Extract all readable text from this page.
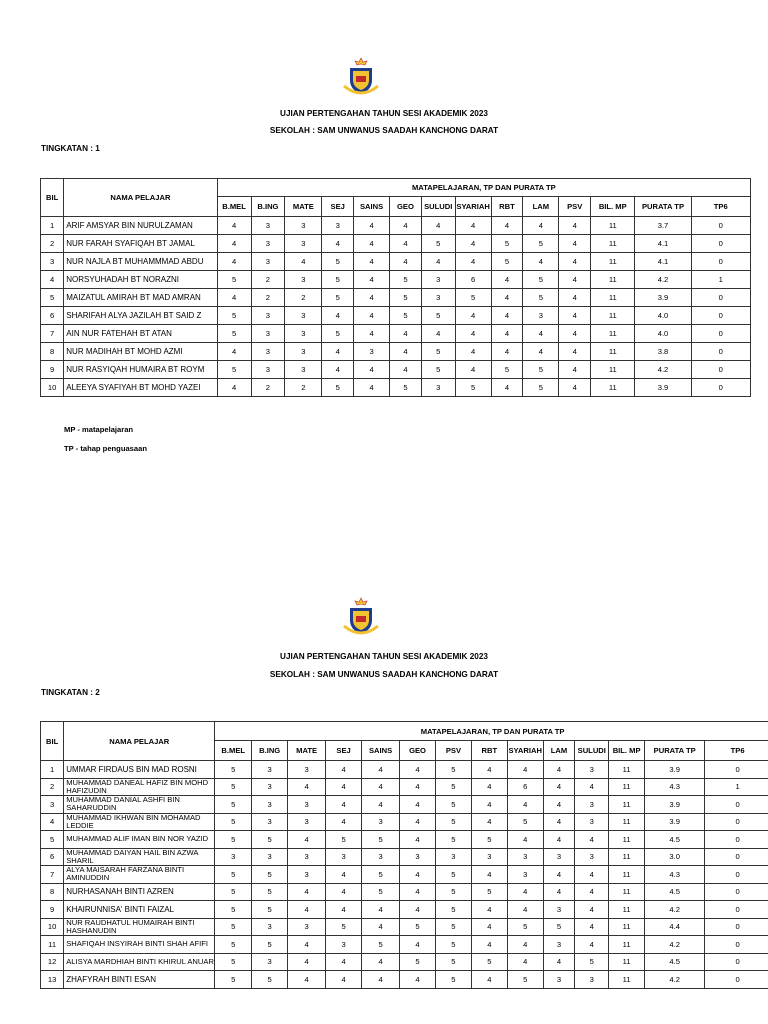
UJIAN PERTENGAHAN TAHUN SESI AKADEMIK 2023
SEKOLAH : SAM UNWANUS SAADAH KANCHONG DARAT
TINGKATAN : 1
BIL	NAMA PELAJAR	MATAPELAJARAN, TP DAN PURATA TP													
		B.MEL	B.ING	MATE	SEJ	SAINS	GEO	SULUDI	SYARIAH	RBT	LAM	PSV	BIL. MP	PURATA TP	TP6
1	ARIF AMSYAR BIN NURULZAMAN	4	3	3	3	4	4	4	4	4	4	4	11	3.7	0
2	NUR FARAH SYAFIQAH BT JAMAL	4	3	3	4	4	4	5	4	5	5	4	11	4.1	0
3	NUR NAJLA BT MUHAMMMAD ABDU	4	3	4	5	4	4	4	4	5	4	4	11	4.1	0
4	NORSYUHADAH BT NORAZNI	5	2	3	5	4	5	3	6	4	5	4	11	4.2	1
5	MAIZATUL AMIRAH BT MAD AMRAN	4	2	2	5	4	5	3	5	4	5	4	11	3.9	0
6	SHARIFAH ALYA JAZILAH BT SAID Z	5	3	3	4	4	5	5	4	4	3	4	11	4.0	0
7	AIN NUR FATEHAH BT ATAN	5	3	3	5	4	4	4	4	4	4	4	11	4.0	0
8	NUR MADIHAH BT MOHD AZMI	4	3	3	4	3	4	5	4	4	4	4	11	3.8	0
9	NUR RASYIQAH HUMAIRA BT ROYM	5	3	3	4	4	4	5	4	5	5	4	11	4.2	0
10	ALEEYA SYAFIYAH BT MOHD YAZEI	4	2	2	5	4	5	3	5	4	5	4	11	3.9	0
MP - matapelajaran
TP - tahap penguasaan
UJIAN PERTENGAHAN TAHUN SESI AKADEMIK 2023
SEKOLAH : SAM UNWANUS SAADAH KANCHONG DARAT
TINGKATAN : 2
BIL	NAMA PELAJAR	MATAPELAJARAN, TP DAN PURATA TP													
		B.MEL	B.ING	MATE	SEJ	SAINS	GEO	PSV	RBT	SYARIAH	LAM	SULUDI	BIL. MP	PURATA TP	TP6
1	UMMAR FIRDAUS BIN MAD ROSNI	5	3	3	4	4	4	5	4	4	4	3	11	3.9	0
2	MUHAMMAD DANEAL HAFIZ BIN MOHD HAFIZUDIN	5	3	4	4	4	4	5	4	6	4	4	11	4.3	1
3	MUHAMMAD DANIAL ASHFI BIN SAHARUDDIN	5	3	3	4	4	4	5	4	4	4	3	11	3.9	0
4	MUHAMMAD IKHWAN BIN MOHAMAD LEDDIE	5	3	3	4	3	4	5	4	5	4	3	11	3.9	0
5	MUHAMMAD ALIF IMAN BIN NOR YAZID	5	5	4	5	5	4	5	5	4	4	4	11	4.5	0
6	MUHAMMAD DAIYAN HAIL BIN AZWA SHARIL	3	3	3	3	3	3	3	3	3	3	3	11	3.0	0
7	ALYA MAISARAH FARZANA BINTI AMINUDDIN	5	5	3	4	5	4	5	4	3	4	4	11	4.3	0
8	NURHASANAH BINTI AZREN	5	5	4	4	5	4	5	5	4	4	4	11	4.5	0
9	KHAIRUNNISA' BINTI FAIZAL	5	5	4	4	4	4	5	4	4	3	4	11	4.2	0
10	NUR RAUDHATUL HUMAIRAH BINTI HASHANUDIN	5	3	3	5	4	5	5	4	5	5	4	11	4.4	0
11	SHAFIQAH INSYIRAH BINTI SHAH AFIFI	5	5	4	3	5	4	5	4	4	3	4	11	4.2	0
12	ALISYA MARDHIAH BINTI KHIRUL ANUAR	5	3	4	4	4	5	5	5	4	4	5	11	4.5	0
13	ZHAFYRAH BINTI ESAN	5	5	4	4	4	4	5	4	5	3	3	11	4.2	0
